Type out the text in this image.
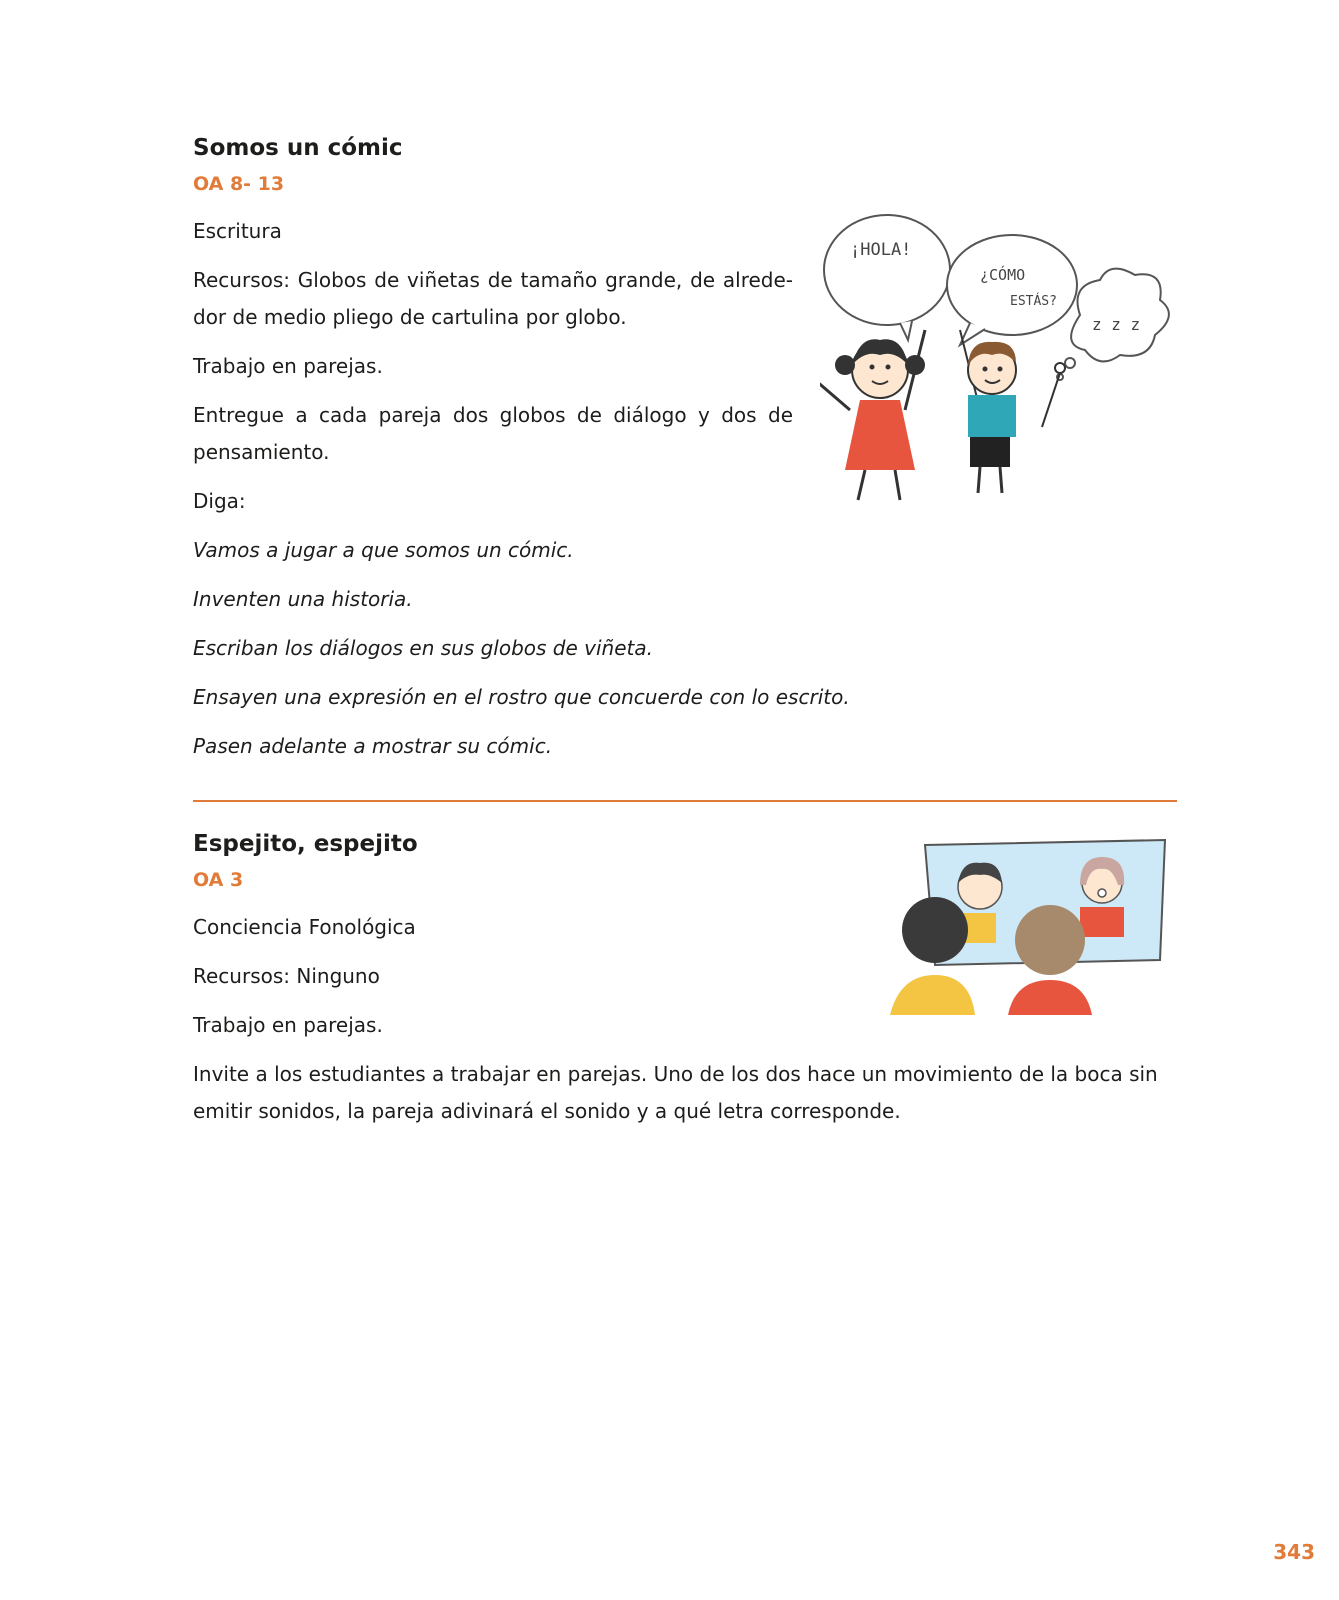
Somos un cómic
OA 8- 13

Escritura

Recursos: Globos de viñetas de tamaño grande, de alrededor de medio pliego de cartulina por globo.

Trabajo en parejas.

Entregue a cada pareja dos globos de diálogo y dos de pensamiento.

Diga:

Vamos a jugar a que somos un cómic.

Inventen una historia.

Escriban los diálogos en sus globos de viñeta.

Ensayen una expresión en el rostro que concuerde con lo escrito.

Pasen adelante a mostrar su cómic.

¡HOLA!
¿CÓMO
ESTÁS?
z z z
Espejito, espejito
OA 3

Conciencia Fonológica

Recursos: Ninguno

Trabajo en parejas.

Invite a los estudiantes a trabajar en parejas. Uno de los dos hace un movimiento de la boca sin emitir sonidos, la pareja adivinará el sonido y a qué letra corresponde.

343
